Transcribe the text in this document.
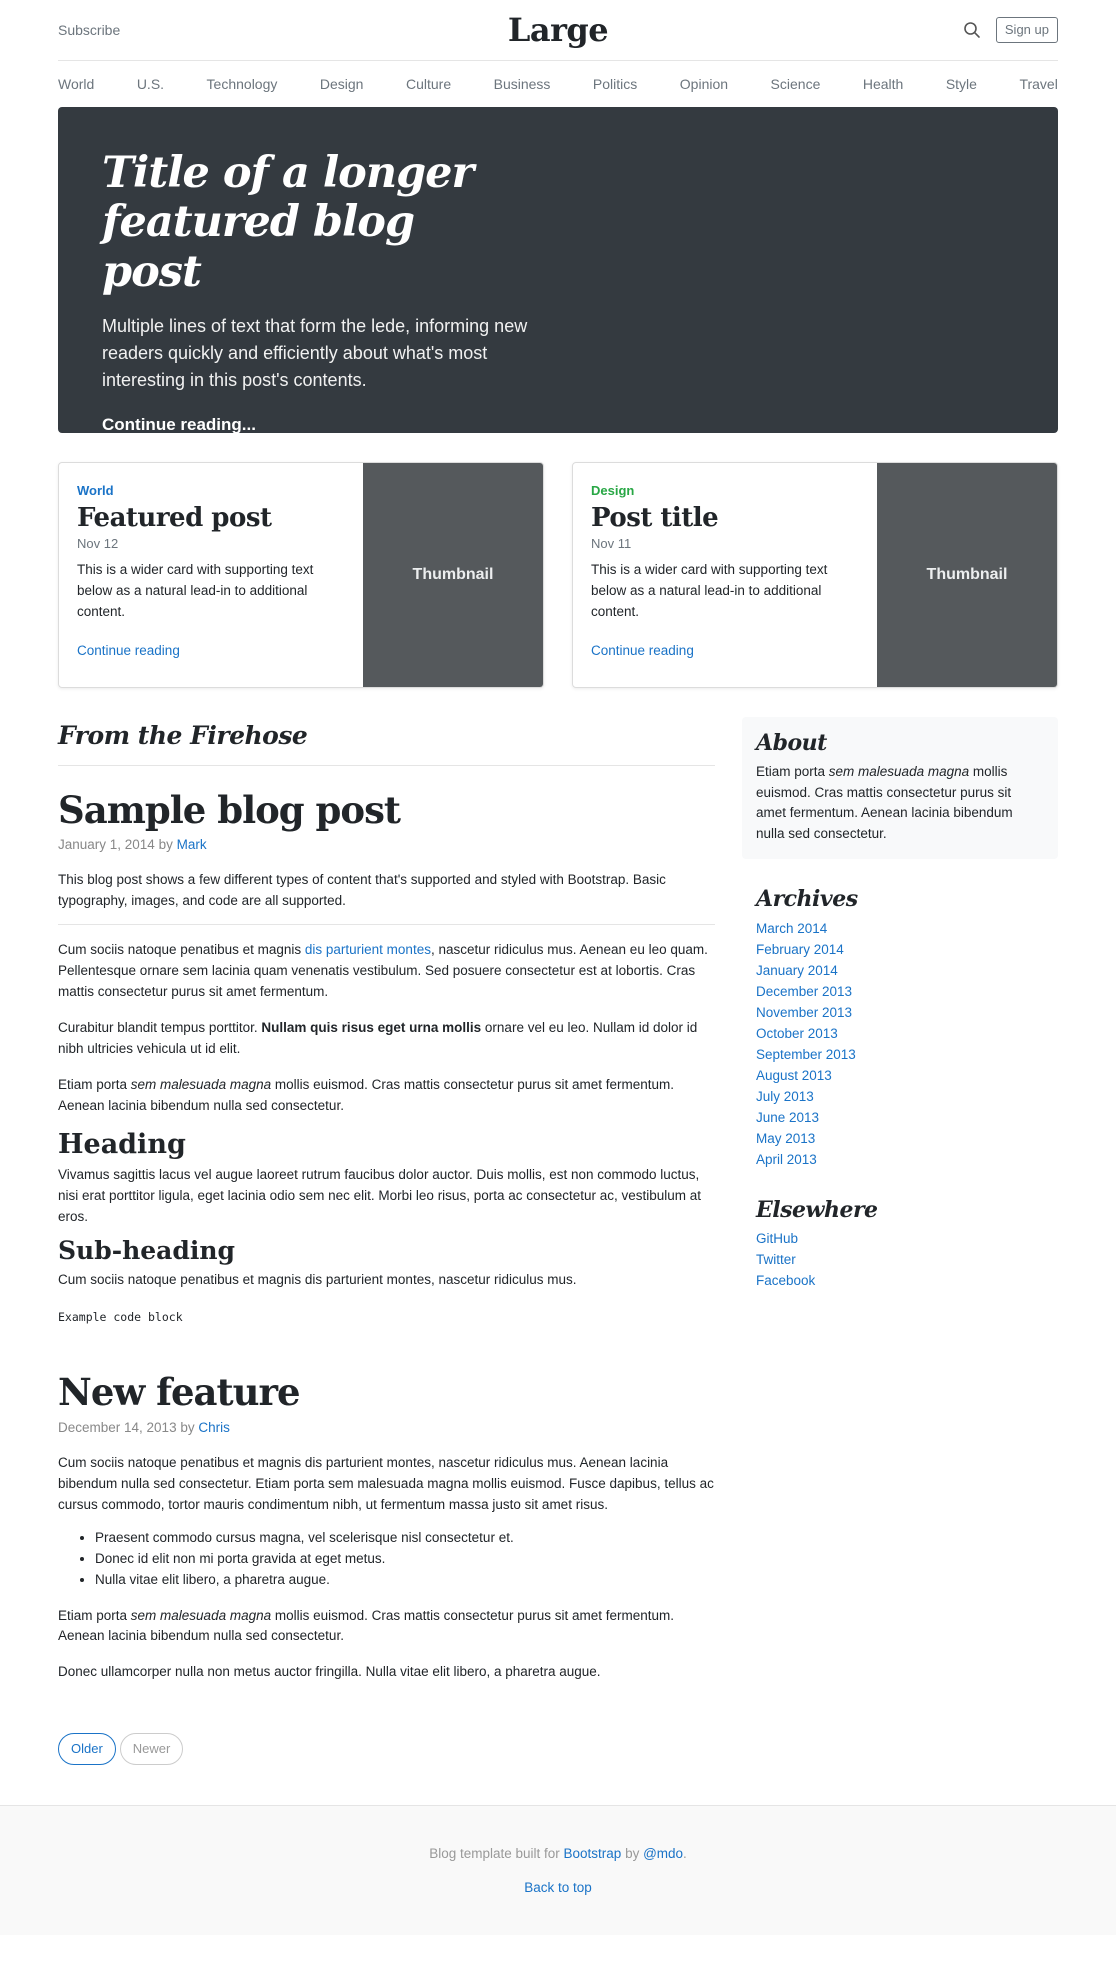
Subscribe	Large	Sign up
World	U.S.	Technology	Design	Culture	Business	Politics	Opinion	Science	Health	Style	Travel
Title of a longer featured blog post

Multiple lines of text that form the lede, informing new readers quickly and efficiently about what's most interesting in this post's contents.

Continue reading...
World
Featured post
Nov 12

This is a wider card with supporting text below as a natural lead-in to additional content.

Continue reading
Thumbnail
Design
Post title
Nov 11

This is a wider card with supporting text below as a natural lead-in to additional content.

Continue reading
Thumbnail
From the Firehose
Sample blog post
January 1, 2014 by Mark

This blog post shows a few different types of content that's supported and styled with Bootstrap. Basic typography, images, and code are all supported.

Cum sociis natoque penatibus et magnis dis parturient montes, nascetur ridiculus mus. Aenean eu leo quam. Pellentesque ornare sem lacinia quam venenatis vestibulum. Sed posuere consectetur est at lobortis. Cras mattis consectetur purus sit amet fermentum.

Curabitur blandit tempus porttitor. Nullam quis risus eget urna mollis ornare vel eu leo. Nullam id dolor id nibh ultricies vehicula ut id elit.

Etiam porta sem malesuada magna mollis euismod. Cras mattis consectetur purus sit amet fermentum. Aenean lacinia bibendum nulla sed consectetur.

Heading

Vivamus sagittis lacus vel augue laoreet rutrum faucibus dolor auctor. Duis mollis, est non commodo luctus, nisi erat porttitor ligula, eget lacinia odio sem nec elit. Morbi leo risus, porta ac consectetur ac, vestibulum at eros.

Sub-heading

Cum sociis natoque penatibus et magnis dis parturient montes, nascetur ridiculus mus.

Example code block
New feature
December 14, 2013 by Chris

Cum sociis natoque penatibus et magnis dis parturient montes, nascetur ridiculus mus. Aenean lacinia bibendum nulla sed consectetur. Etiam porta sem malesuada magna mollis euismod. Fusce dapibus, tellus ac cursus commodo, tortor mauris condimentum nibh, ut fermentum massa justo sit amet risus.

• Praesent commodo cursus magna, vel scelerisque nisl consectetur et.
• Donec id elit non mi porta gravida at eget metus.
• Nulla vitae elit libero, a pharetra augue.

Etiam porta sem malesuada magna mollis euismod. Cras mattis consectetur purus sit amet fermentum. Aenean lacinia bibendum nulla sed consectetur.

Donec ullamcorper nulla non metus auctor fringilla. Nulla vitae elit libero, a pharetra augue.

Older	Newer
About

Etiam porta sem malesuada magna mollis euismod. Cras mattis consectetur purus sit amet fermentum. Aenean lacinia bibendum nulla sed consectetur.

Archives
March 2014
February 2014
January 2014
December 2013
November 2013
October 2013
September 2013
August 2013
July 2013
June 2013
May 2013
April 2013
Elsewhere
GitHub
Twitter
Facebook

Blog template built for Bootstrap by @mdo.

Back to top
